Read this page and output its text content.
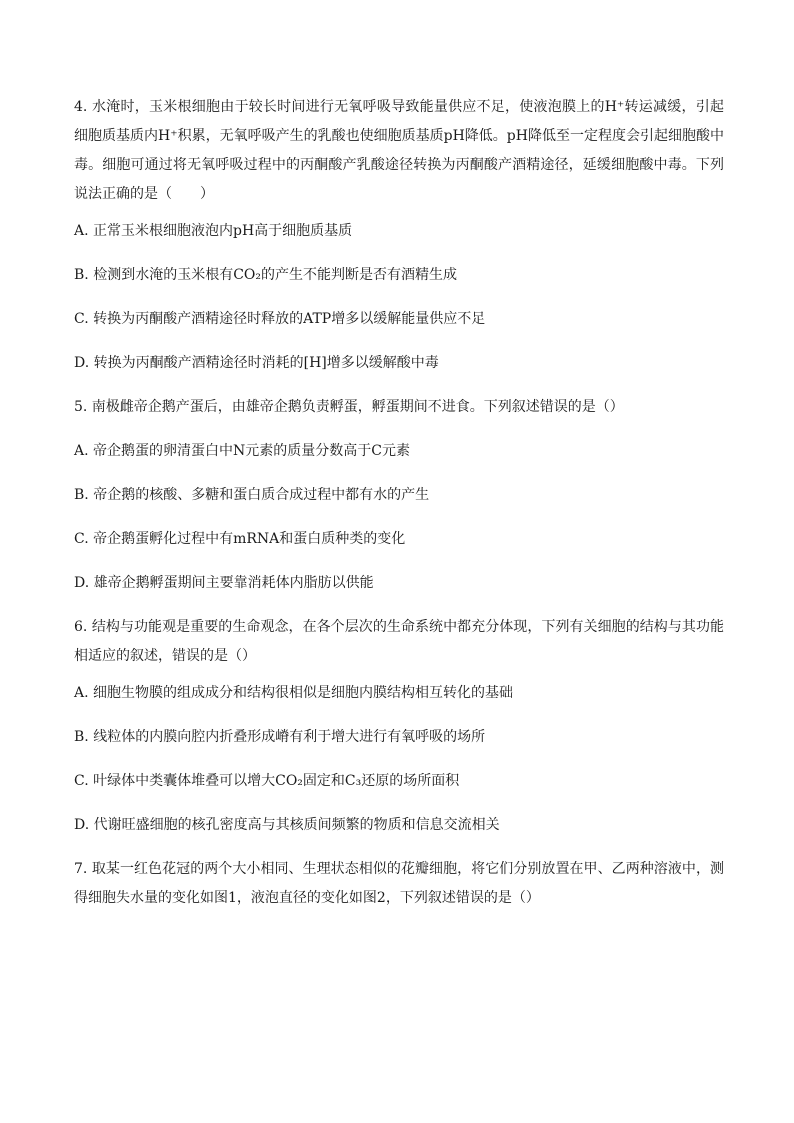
4. 水淹时，玉米根细胞由于较长时间进行无氧呼吸导致能量供应不足，使液泡膜上的H⁺转运减缓，引起细胞质基质内H⁺积累，无氧呼吸产生的乳酸也使细胞质基质pH降低。pH降低至一定程度会引起细胞酸中毒。细胞可通过将无氧呼吸过程中的丙酮酸产乳酸途径转换为丙酮酸产酒精途径，延缓细胞酸中毒。下列说法正确的是（　　）

A. 正常玉米根细胞液泡内pH高于细胞质基质

B. 检测到水淹的玉米根有CO₂的产生不能判断是否有酒精生成

C. 转换为丙酮酸产酒精途径时释放的ATP增多以缓解能量供应不足

D. 转换为丙酮酸产酒精途径时消耗的[H]增多以缓解酸中毒

5. 南极雌帝企鹅产蛋后，由雄帝企鹅负责孵蛋，孵蛋期间不进食。下列叙述错误的是（）

A. 帝企鹅蛋的卵清蛋白中N元素的质量分数高于C元素

B. 帝企鹅的核酸、多糖和蛋白质合成过程中都有水的产生

C. 帝企鹅蛋孵化过程中有mRNA和蛋白质种类的变化

D. 雄帝企鹅孵蛋期间主要靠消耗体内脂肪以供能

6. 结构与功能观是重要的生命观念，在各个层次的生命系统中都充分体现，下列有关细胞的结构与其功能相适应的叙述，错误的是（）

A. 细胞生物膜的组成成分和结构很相似是细胞内膜结构相互转化的基础

B. 线粒体的内膜向腔内折叠形成嵴有利于增大进行有氧呼吸的场所

C. 叶绿体中类囊体堆叠可以增大CO₂固定和C₃还原的场所面积

D. 代谢旺盛细胞的核孔密度高与其核质间频繁的物质和信息交流相关

7. 取某一红色花冠的两个大小相同、生理状态相似的花瓣细胞，将它们分别放置在甲、乙两种溶液中，测得细胞失水量的变化如图1，液泡直径的变化如图2，下列叙述错误的是（）
